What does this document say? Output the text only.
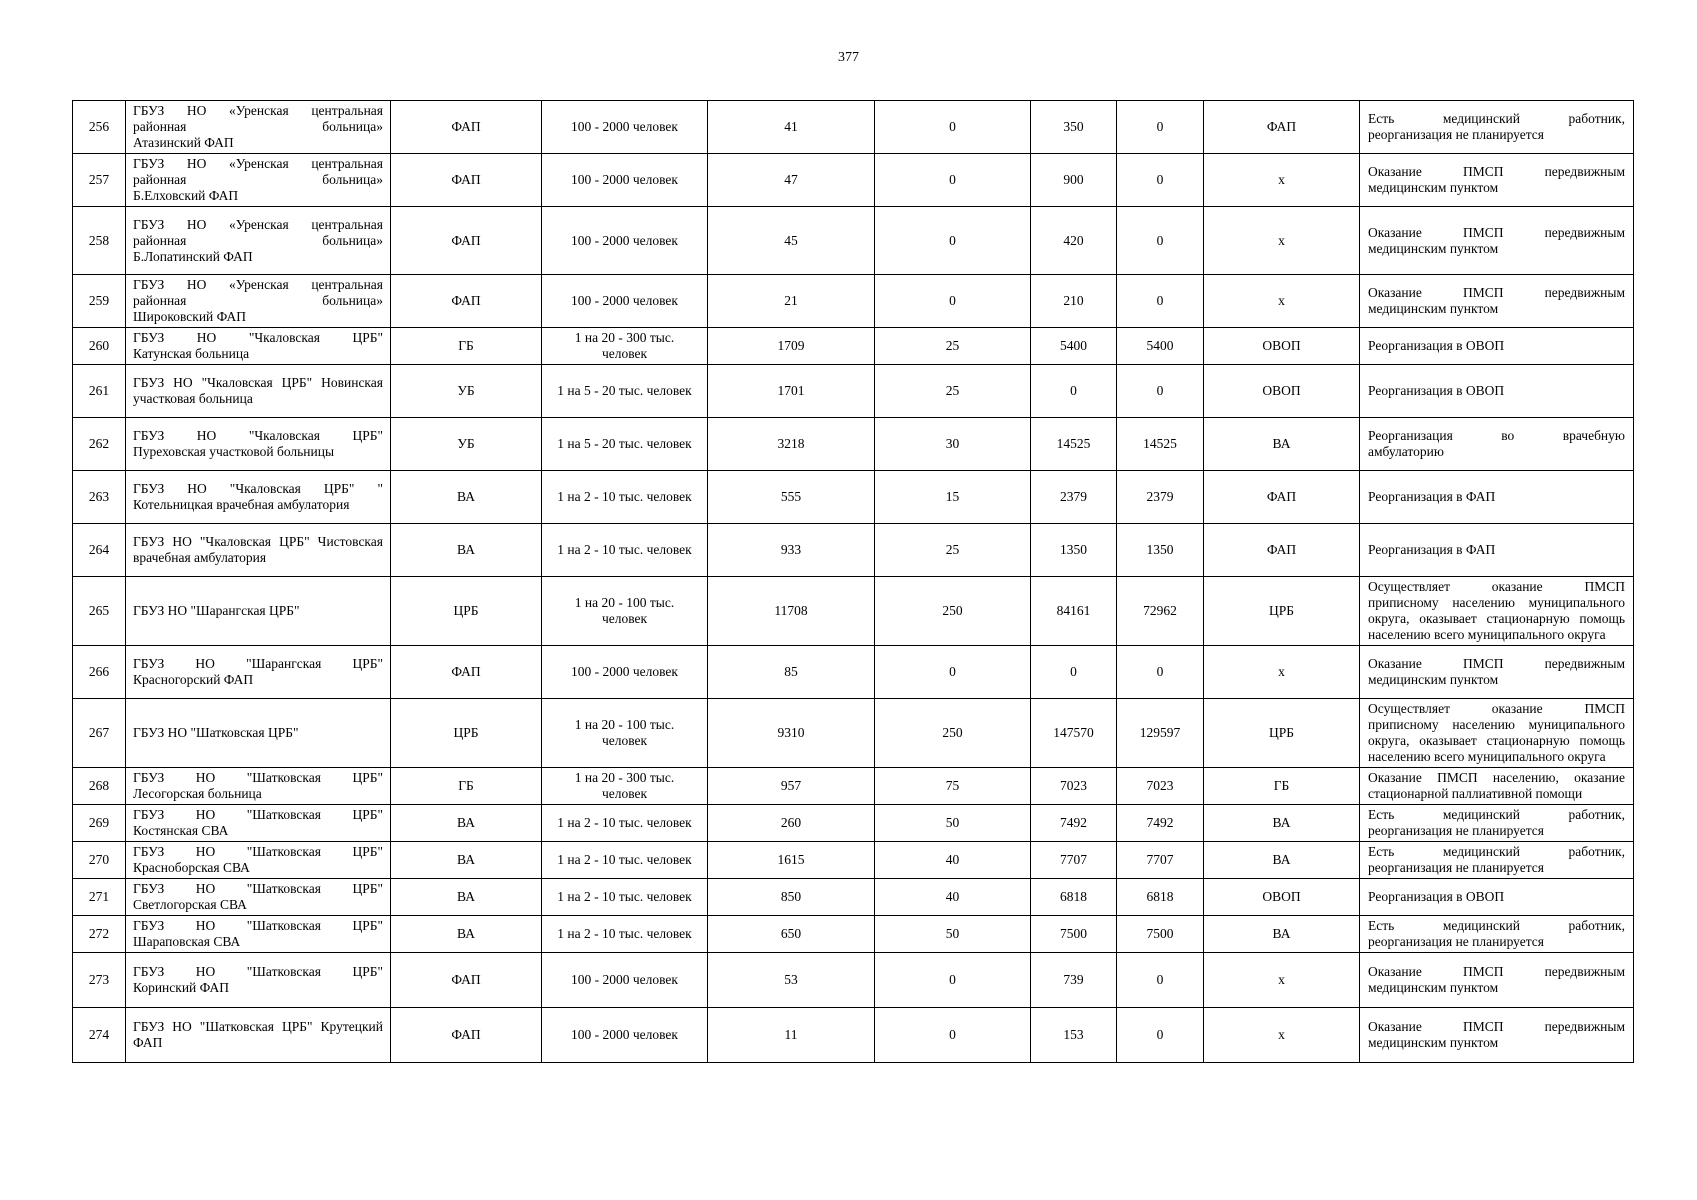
377
256	ГБУЗ НО «Уренская центральная
районная больница»
Атазинский ФАП	ФАП	100 - 2000 человек	41	0	350	0	ФАП	Есть медицинский работник,
реорганизация не планируется

257	ГБУЗ НО «Уренская центральная
районная больница»
Б.Елховский ФАП	ФАП	100 - 2000 человек	47	0	900	0	х	Оказание ПМСП передвижным
медицинским пунктом

258	ГБУЗ НО «Уренская центральная
районная больница»
Б.Лопатинский ФАП	ФАП	100 - 2000 человек	45	0	420	0	х	Оказание ПМСП передвижным
медицинским пунктом

259	ГБУЗ НО «Уренская центральная
районная больница»
Широковский ФАП	ФАП	100 - 2000 человек	21	0	210	0	х	Оказание ПМСП передвижным
медицинским пунктом

260	ГБУЗ НО "Чкаловская ЦРБ"
Катунская больница	ГБ	1 на 20 - 300 тыс.
человек	1709	25	5400	5400	ОВОП	Реорганизация в ОВОП

261	ГБУЗ НО "Чкаловская ЦРБ" Новинская
участковая больница	УБ	1 на 5 - 20 тыс. человек	1701	25	0	0	ОВОП	Реорганизация в ОВОП

262	ГБУЗ НО "Чкаловская ЦРБ"
Пуреховская участковой больницы	УБ	1 на 5 - 20 тыс. человек	3218	30	14525	14525	ВА	Реорганизация во врачебную
амбулаторию

263	ГБУЗ НО "Чкаловская ЦРБ" "
Котельницкая врачебная амбулатория	ВА	1 на 2 - 10 тыс. человек	555	15	2379	2379	ФАП	Реорганизация в ФАП

264	ГБУЗ НО "Чкаловская ЦРБ" Чистовская
врачебная амбулатория	ВА	1 на 2 - 10 тыс. человек	933	25	1350	1350	ФАП	Реорганизация в ФАП

265	ГБУЗ НО "Шарангская ЦРБ"	ЦРБ	1 на 20 - 100 тыс.
человек	11708	250	84161	72962	ЦРБ	Осуществляет оказание ПМСП
приписному населению муниципального
округа, оказывает стационарную помощь
населению всего муниципального округа

266	ГБУЗ НО "Шарангская ЦРБ"
Красногорский ФАП	ФАП	100 - 2000 человек	85	0	0	0	х	Оказание ПМСП передвижным
медицинским пунктом

267	ГБУЗ НО "Шатковская ЦРБ"	ЦРБ	1 на 20 - 100 тыс.
человек	9310	250	147570	129597	ЦРБ	Осуществляет оказание ПМСП
приписному населению муниципального
округа, оказывает стационарную помощь
населению всего муниципального округа

268	ГБУЗ НО "Шатковская ЦРБ"
Лесогорская больница	ГБ	1 на 20 - 300 тыс.
человек	957	75	7023	7023	ГБ	Оказание ПМСП населению, оказание
стационарной паллиативной помощи

269	ГБУЗ НО "Шатковская ЦРБ"
Костянская СВА	ВА	1 на 2 - 10 тыс. человек	260	50	7492	7492	ВА	Есть медицинский работник,
реорганизация не планируется

270	ГБУЗ НО "Шатковская ЦРБ"
Красноборская СВА	ВА	1 на 2 - 10 тыс. человек	1615	40	7707	7707	ВА	Есть медицинский работник,
реорганизация не планируется

271	ГБУЗ НО "Шатковская ЦРБ"
Светлогорская СВА	ВА	1 на 2 - 10 тыс. человек	850	40	6818	6818	ОВОП	Реорганизация в ОВОП

272	ГБУЗ НО "Шатковская ЦРБ"
Шараповская СВА	ВА	1 на 2 - 10 тыс. человек	650	50	7500	7500	ВА	Есть медицинский работник,
реорганизация не планируется

273	ГБУЗ НО "Шатковская ЦРБ"
Коринский ФАП	ФАП	100 - 2000 человек	53	0	739	0	х	Оказание ПМСП передвижным
медицинским пунктом

274	ГБУЗ НО "Шатковская ЦРБ" Крутецкий
ФАП	ФАП	100 - 2000 человек	11	0	153	0	х	Оказание ПМСП передвижным
медицинским пунктом
